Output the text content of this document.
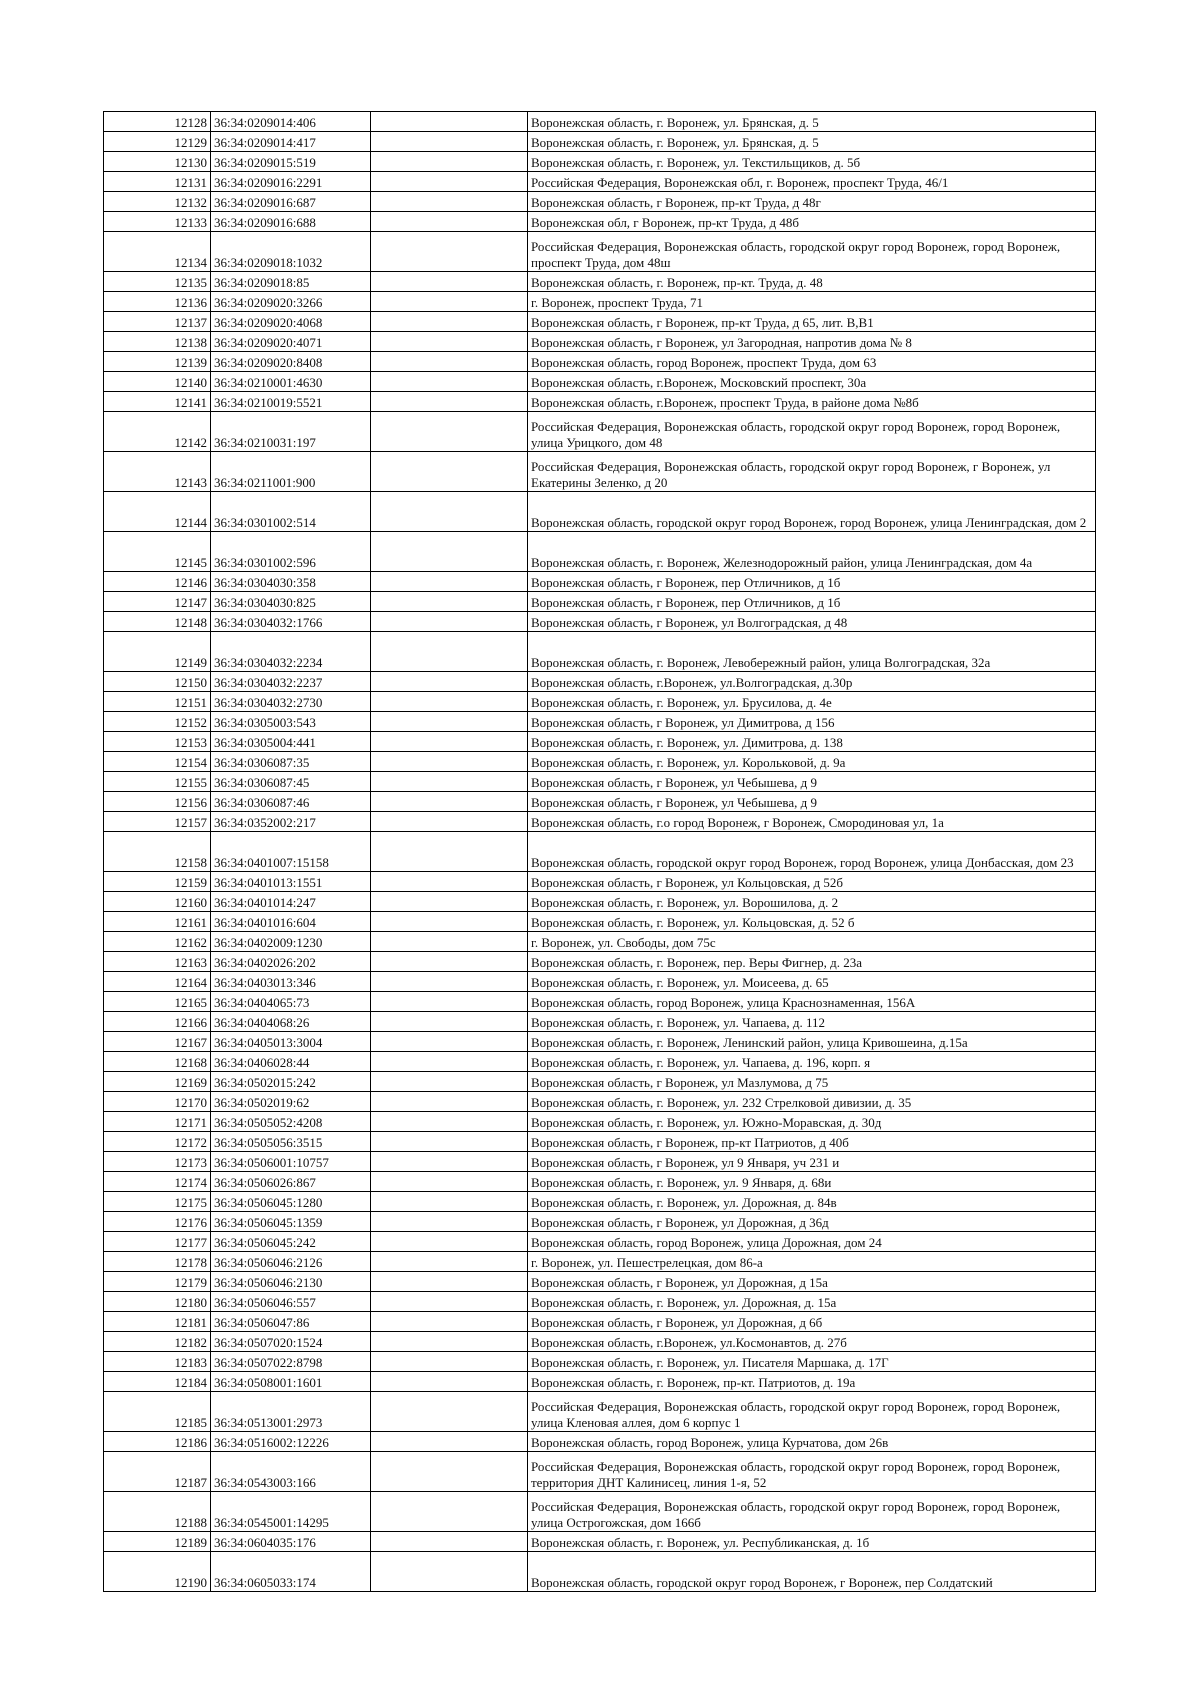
12128	36:34:0209014:406		Воронежская область, г. Воронеж, ул. Брянская, д. 5
12129	36:34:0209014:417		Воронежская область, г. Воронеж, ул. Брянская, д. 5
12130	36:34:0209015:519		Воронежская область, г. Воронеж, ул. Текстильщиков, д. 5б
12131	36:34:0209016:2291		Российская Федерация, Воронежская обл, г. Воронеж, проспект Труда, 46/1
12132	36:34:0209016:687		Воронежская область, г Воронеж, пр-кт Труда, д 48г
12133	36:34:0209016:688		Воронежская обл, г Воронеж, пр-кт Труда, д 48б
12134	36:34:0209018:1032		Российская Федерация, Воронежская область, городской округ город Воронеж, город Воронеж, проспект Труда, дом 48ш
12135	36:34:0209018:85		Воронежская область, г. Воронеж, пр-кт. Труда, д. 48
12136	36:34:0209020:3266		г. Воронеж, проспект Труда, 71
12137	36:34:0209020:4068		Воронежская область, г Воронеж, пр-кт Труда, д 65, лит. В,В1
12138	36:34:0209020:4071		Воронежская область, г Воронеж, ул Загородная, напротив дома № 8
12139	36:34:0209020:8408		Воронежская область, город Воронеж, проспект Труда, дом 63
12140	36:34:0210001:4630		Воронежская область, г.Воронеж, Московский проспект, 30а
12141	36:34:0210019:5521		Воронежская область, г.Воронеж, проспект Труда, в районе дома №8б
12142	36:34:0210031:197		Российская Федерация, Воронежская область, городской округ город Воронеж, город Воронеж, улица Урицкого, дом 48
12143	36:34:0211001:900		Российская Федерация, Воронежская область, городской округ город Воронеж, г Воронеж, ул Екатерины Зеленко, д 20
12144	36:34:0301002:514		Воронежская область, городской округ город Воронеж, город Воронеж, улица Ленинградская, дом 2
12145	36:34:0301002:596		Воронежская область, г. Воронеж, Железнодорожный район, улица Ленинградская, дом 4а
12146	36:34:0304030:358		Воронежская область, г Воронеж, пер Отличников, д 1б
12147	36:34:0304030:825		Воронежская область, г Воронеж, пер Отличников, д 1б
12148	36:34:0304032:1766		Воронежская область, г Воронеж, ул Волгоградская, д 48
12149	36:34:0304032:2234		Воронежская область, г. Воронеж, Левобережный район, улица Волгоградская, 32а
12150	36:34:0304032:2237		Воронежская область, г.Воронеж, ул.Волгоградская, д.30р
12151	36:34:0304032:2730		Воронежская область, г. Воронеж, ул. Брусилова, д. 4е
12152	36:34:0305003:543		Воронежская область, г Воронеж, ул Димитрова, д 156
12153	36:34:0305004:441		Воронежская область, г. Воронеж, ул. Димитрова, д. 138
12154	36:34:0306087:35		Воронежская область, г. Воронеж, ул. Корольковой, д. 9а
12155	36:34:0306087:45		Воронежская область, г Воронеж, ул Чебышева, д 9
12156	36:34:0306087:46		Воронежская область, г Воронеж, ул Чебышева, д 9
12157	36:34:0352002:217		Воронежская область, г.о город Воронеж, г Воронеж, Смородиновая ул, 1а
12158	36:34:0401007:15158		Воронежская область, городской округ город Воронеж, город Воронеж, улица Донбасская, дом 23
12159	36:34:0401013:1551		Воронежская область, г Воронеж, ул Кольцовская, д 52б
12160	36:34:0401014:247		Воронежская область, г. Воронеж, ул. Ворошилова, д. 2
12161	36:34:0401016:604		Воронежская область, г. Воронеж, ул. Кольцовская, д. 52 б
12162	36:34:0402009:1230		г. Воронеж, ул. Свободы, дом 75с
12163	36:34:0402026:202		Воронежская область, г. Воронеж, пер. Веры Фигнер, д. 23а
12164	36:34:0403013:346		Воронежская область, г. Воронеж, ул. Моисеева, д. 65
12165	36:34:0404065:73		Воронежская область, город Воронеж, улица Краснознаменная, 156А
12166	36:34:0404068:26		Воронежская область, г. Воронеж, ул. Чапаева, д. 112
12167	36:34:0405013:3004		Воронежская область, г. Воронеж, Ленинский район, улица Кривошеина, д.15а
12168	36:34:0406028:44		Воронежская область, г. Воронеж, ул. Чапаева, д. 196, корп. я
12169	36:34:0502015:242		Воронежская область, г Воронеж, ул Мазлумова, д 75
12170	36:34:0502019:62		Воронежская область, г. Воронеж, ул. 232 Стрелковой дивизии, д. 35
12171	36:34:0505052:4208		Воронежская область, г. Воронеж, ул. Южно-Моравская, д. 30д
12172	36:34:0505056:3515		Воронежская область, г Воронеж, пр-кт Патриотов, д 40б
12173	36:34:0506001:10757		Воронежская область, г Воронеж, ул 9 Января, уч 231 и
12174	36:34:0506026:867		Воронежская область, г. Воронеж, ул. 9 Января, д. 68и
12175	36:34:0506045:1280		Воронежская область, г. Воронеж, ул. Дорожная, д. 84в
12176	36:34:0506045:1359		Воронежская область, г Воронеж, ул Дорожная, д 36д
12177	36:34:0506045:242		Воронежская область, город Воронеж, улица Дорожная, дом 24
12178	36:34:0506046:2126		г. Воронеж, ул. Пешестрелецкая, дом 86-а
12179	36:34:0506046:2130		Воронежская область, г Воронеж, ул Дорожная, д 15а
12180	36:34:0506046:557		Воронежская область, г. Воронеж, ул. Дорожная, д. 15а
12181	36:34:0506047:86		Воронежская область, г Воронеж, ул Дорожная, д 6б
12182	36:34:0507020:1524		Воронежская область, г.Воронеж, ул.Космонавтов, д. 27б
12183	36:34:0507022:8798		Воронежская область, г. Воронеж, ул. Писателя Маршака, д. 17Г
12184	36:34:0508001:1601		Воронежская область, г. Воронеж, пр-кт. Патриотов, д. 19а
12185	36:34:0513001:2973		Российская Федерация, Воронежская область, городской округ город Воронеж, город Воронеж, улица Кленовая аллея, дом 6 корпус 1
12186	36:34:0516002:12226		Воронежская область, город Воронеж, улица Курчатова, дом 26в
12187	36:34:0543003:166		Российская Федерация, Воронежская область, городской округ город Воронеж, город Воронеж, территория ДНТ Калинисец, линия 1-я, 52
12188	36:34:0545001:14295		Российская Федерация, Воронежская область, городской округ город Воронеж, город Воронеж, улица Острогожская, дом 166б
12189	36:34:0604035:176		Воронежская область, г. Воронеж, ул. Республиканская, д. 1б
12190	36:34:0605033:174		Воронежская область, городской округ город Воронеж, г Воронеж, пер Солдатский
